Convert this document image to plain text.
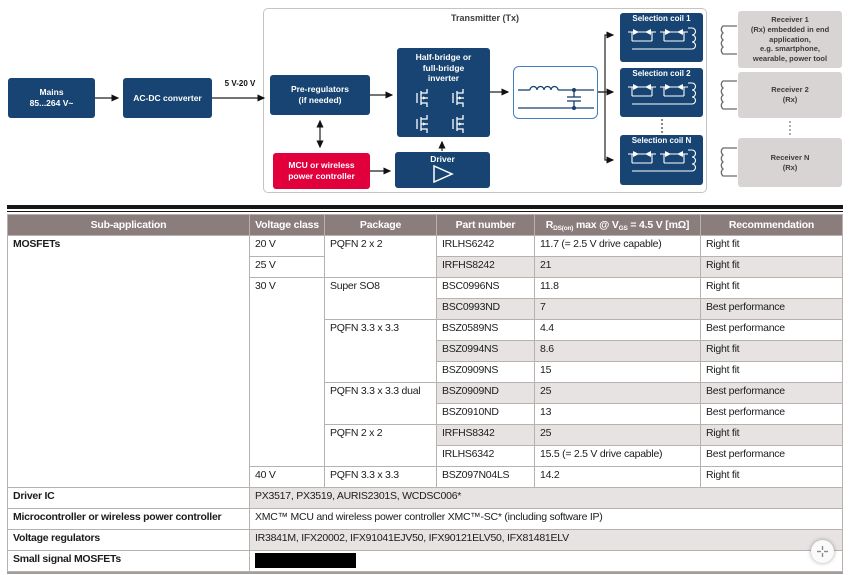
Transmitter (Tx)
5 V-20 V
Mains
85...264 V~
AC-DC converter
Pre-regulators
(if needed)
Half-bridge or
full-bridge
inverter
MCU or wireless
power controller
Driver
Selection coil 1
Selection coil 2
Selection coil N
Receiver 1
(Rx) embedded in end
application,
e.g. smartphone,
wearable, power tool
Receiver 2
(Rx)
Receiver N
(Rx)
Sub-application	Voltage class	Package	Part number	$R_{DS(on)}$ max @ $V_{GS} = 4.5$ V [mΩ]	Recommendation
MOSFETs	20 V	PQFN 2 x 2	IRLHS6242	11.7 (= 2.5 V drive capable)	Right fit
	25 V		IRFHS8242	21	Right fit
	30 V	Super SO8	BSC0996NS	11.8	Right fit
			BSC0993ND	7	Best performance
		PQFN 3.3 x 3.3	BSZ0589NS	4.4	Best performance
			BSZ0994NS	8.6	Right fit
			BSZ0909NS	15	Right fit
		PQFN 3.3 x 3.3 dual	BSZ0909ND	25	Best performance
			BSZ0910ND	13	Best performance
		PQFN 2 x 2	IRFHS8342	25	Right fit
			IRLHS6342	15.5 (= 2.5 V drive capable)	Best performance
	40 V	PQFN 3.3 x 3.3	BSZ097N04LS	14.2	Right fit
Driver IC	PX3517, PX3519, AURIS2301S, WCDSC006*				
Microcontroller or wireless power controller	XMC™ MCU and wireless power controller XMC™-SC* (including software IP)				
Voltage regulators	IR3841M, IFX20002, IFX91041EJV50, IFX90121ELV50, IFX81481ELV				
Small signal MOSFETs					
